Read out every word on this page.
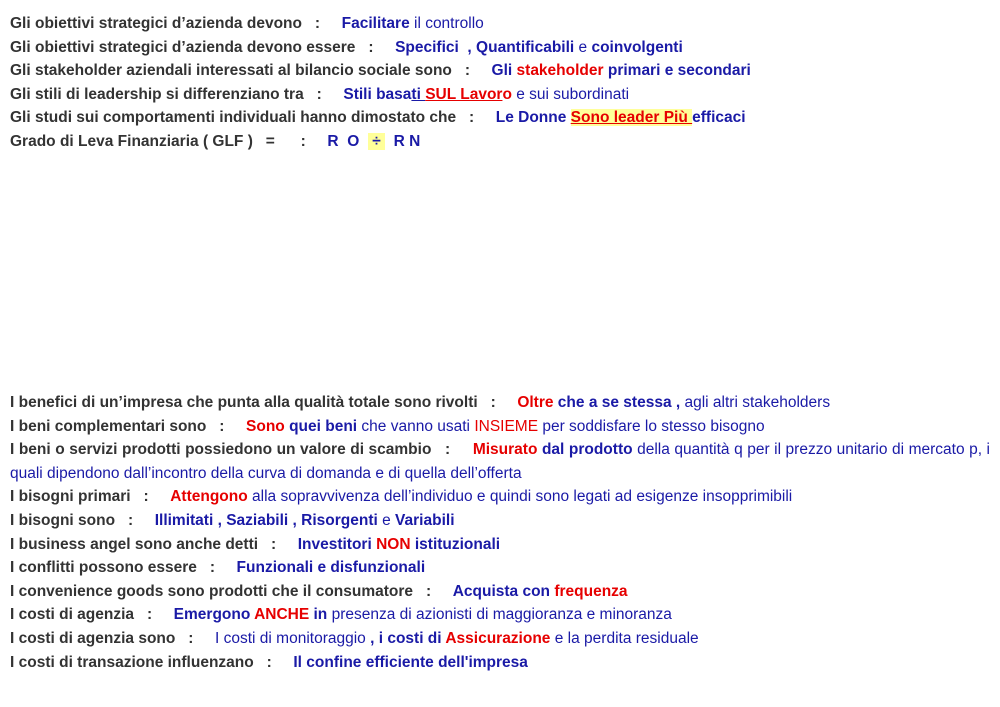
Gli obiettivi strategici d’azienda devono : Facilitare il controllo
Gli obiettivi strategici d’azienda devono essere : Specifici  , Quantificabili e coinvolgenti
Gli stakeholder aziendali interessati al bilancio sociale sono : Gli stakeholder primari e secondari
Gli stili di leadership si differenziano tra : Stili basati SUL Lavoro e sui subordinati
Gli studi sui comportamenti individuali hanno dimostato che : Le Donne Sono leader Più efficaci
Grado di Leva Finanziaria ( GLF ) =      : R  O   ÷   R N
I benefici di un’impresa che punta alla qualità totale sono rivolti : Oltre che a se stessa , agli altri stakeholders
I beni complementari sono : Sono quei beni che vanno usati INSIEME per soddisfare lo stesso bisogno
I beni o servizi prodotti possiedono un valore di scambio : Misurato dal prodotto della quantità q per il prezzo unitario di mercato p, i quali dipendono dall’incontro della curva di domanda e di quella dell’offerta
I bisogni primari : Attengono alla sopravvivenza dell’individuo e quindi sono legati ad esigenze insopprimibili
I bisogni sono : Illimitati , Saziabili , Risorgenti e Variabili
I business angel sono anche detti : Investitori NON istituzionali
I conflitti possono essere : Funzionali e disfunzionali
I convenience goods sono prodotti che il consumatore : Acquista con frequenza
I costi di agenzia : Emergono ANCHE in presenza di azionisti di maggioranza e minoranza
I costi di agenzia sono : I costi di monitoraggio , i costi di Assicurazione e la perdita residuale
I costi di transazione influenzano : Il confine efficiente dell'impresa
